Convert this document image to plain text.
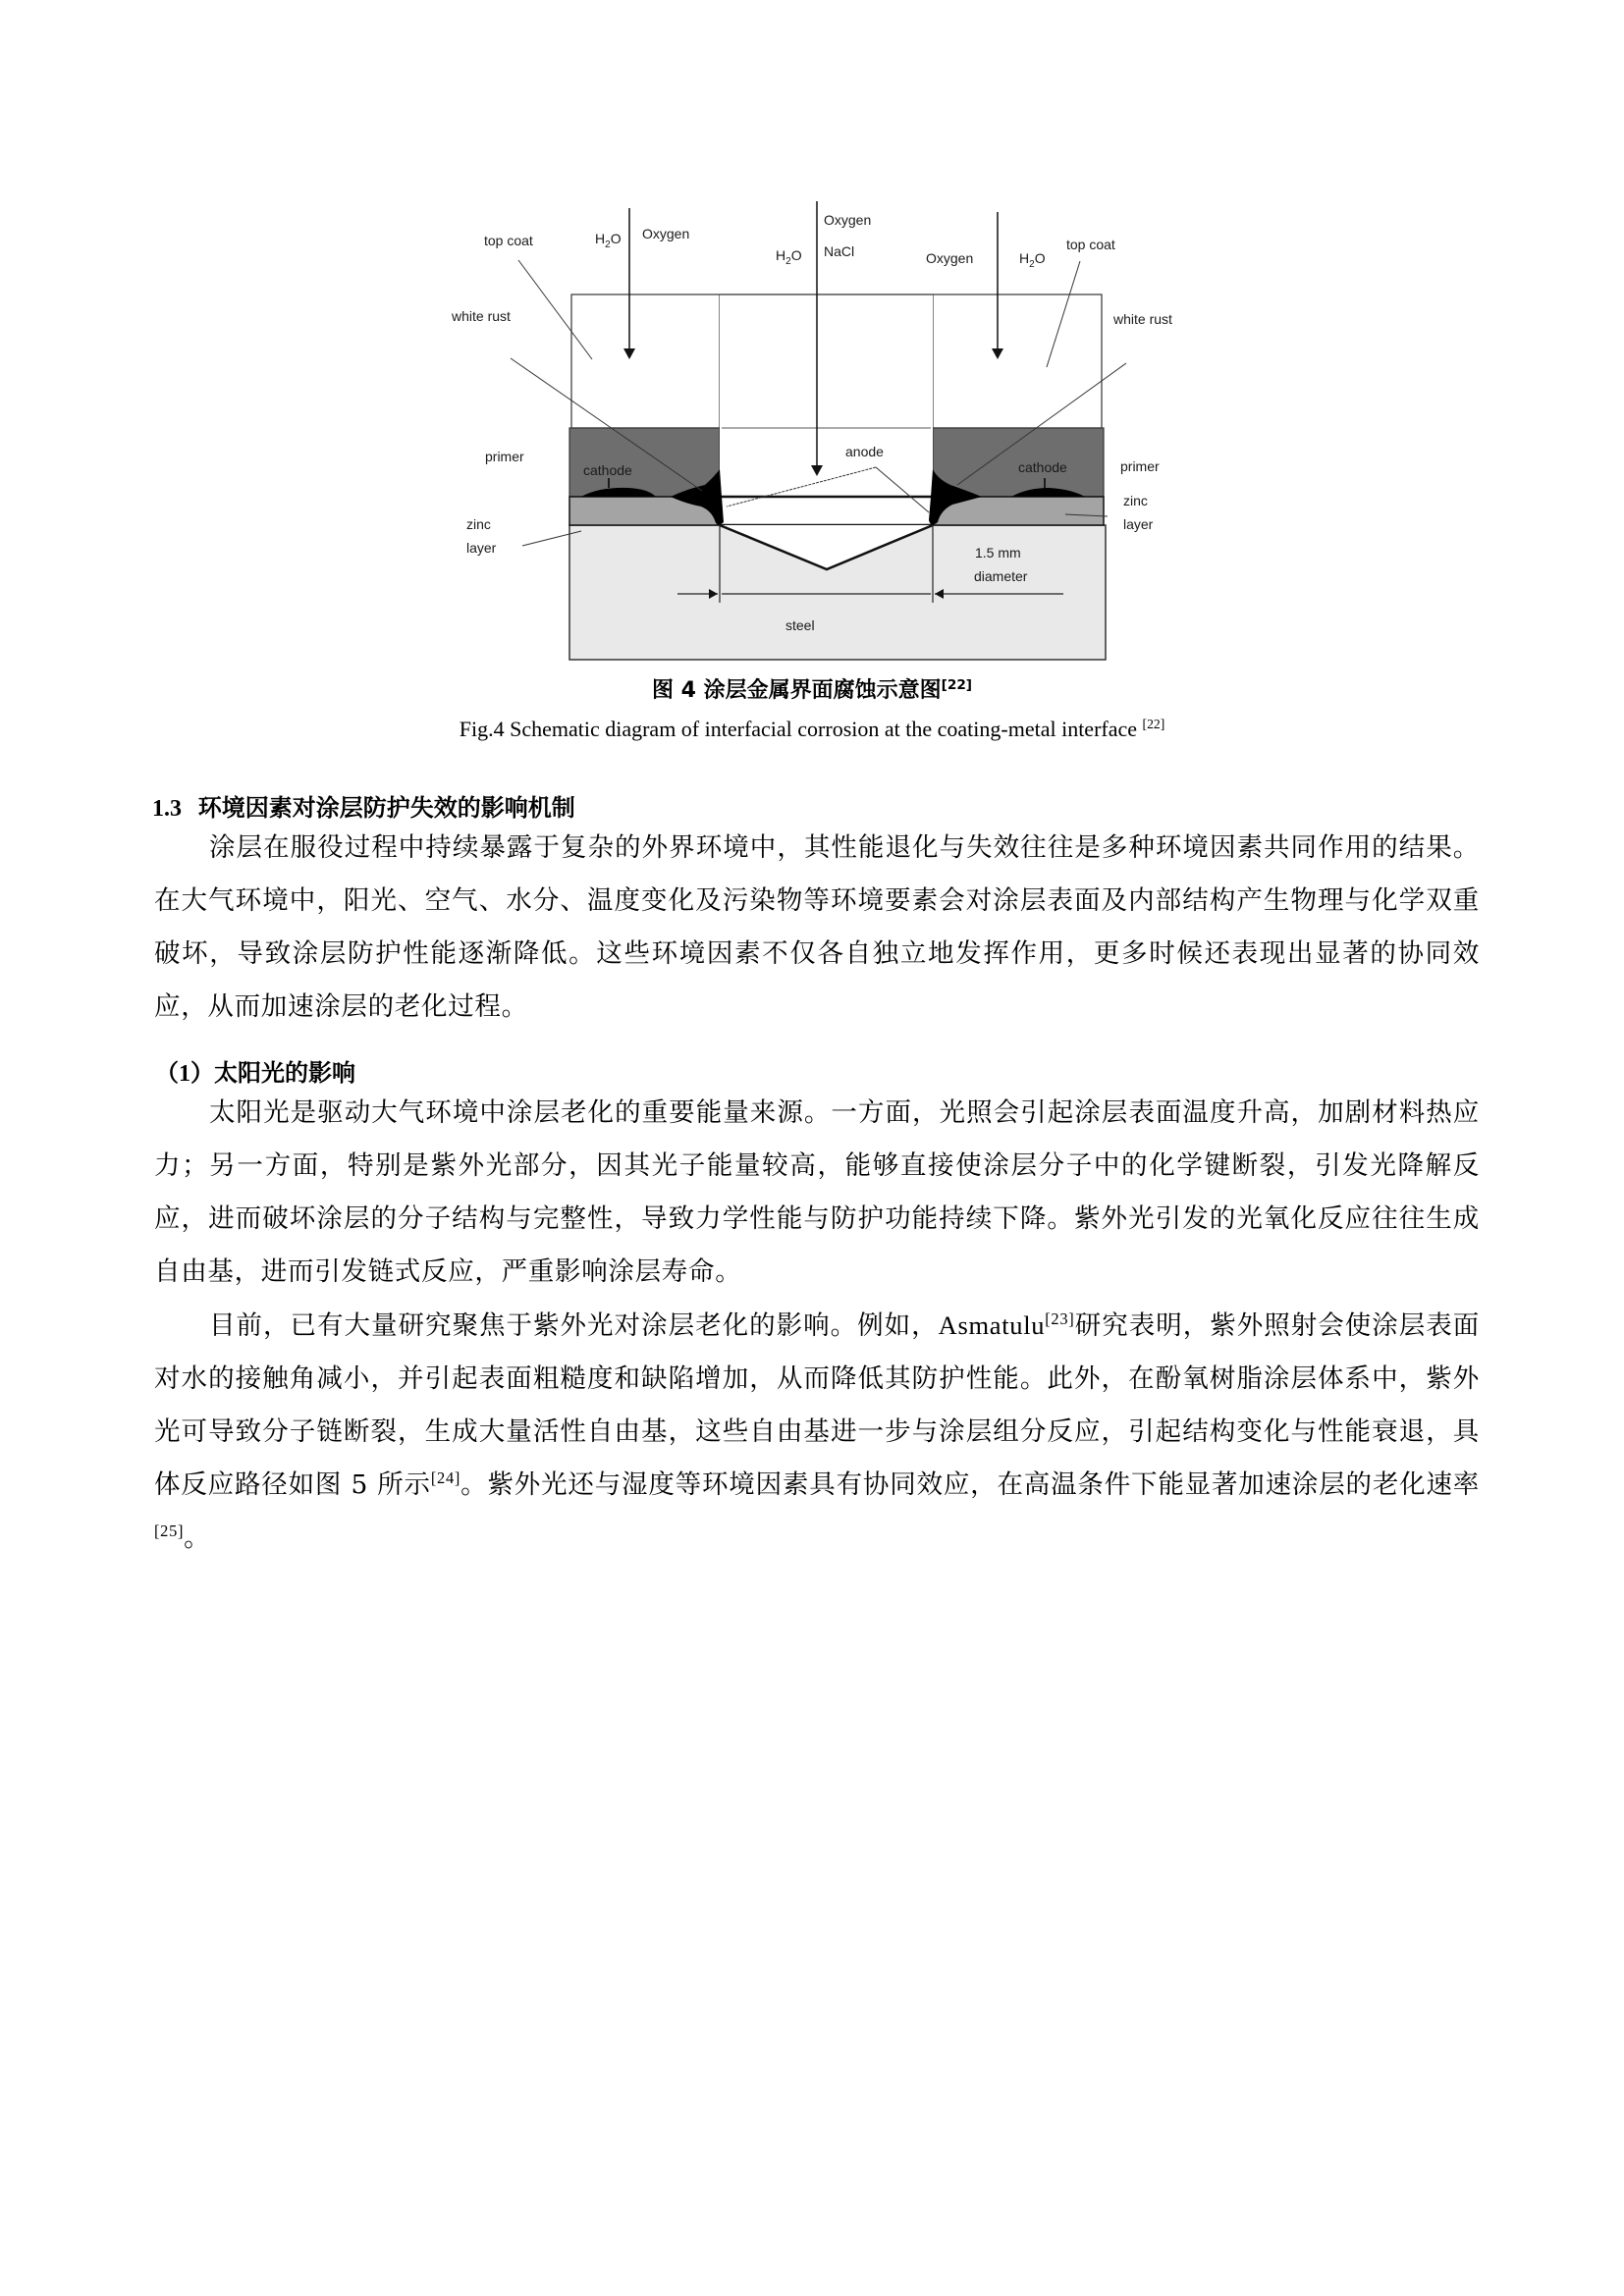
top coat	$H_2O$ Oxygen
Oxygen
$H_2O$ NaCl	Oxygen	$H_2O$
top coat
white rust	white rust
primer
primer
cathode	cathode
anode
zinc
layer
zinc
layer
1.5 mm
diameter
steel
图 4 涂层金属界面腐蚀示意图[22]
Fig.4 Schematic diagram of interfacial corrosion at the coating-metal interface [22]
1.3 环境因素对涂层防护失效的影响机制

涂层在服役过程中持续暴露于复杂的外界环境中，其性能退化与失效往往是多种环境因素共同作用的结果。在大气环境中，阳光、空气、水分、温度变化及污染物等环境要素会对涂层表面及内部结构产生物理与化学双重破坏，导致涂层防护性能逐渐降低。这些环境因素不仅各自独立地发挥作用，更多时候还表现出显著的协同效应，从而加速涂层的老化过程。

（1）太阳光的影响

太阳光是驱动大气环境中涂层老化的重要能量来源。一方面，光照会引起涂层表面温度升高，加剧材料热应力；另一方面，特别是紫外光部分，因其光子能量较高，能够直接使涂层分子中的化学键断裂，引发光降解反应，进而破坏涂层的分子结构与完整性，导致力学性能与防护功能持续下降。紫外光引发的光氧化反应往往生成自由基，进而引发链式反应，严重影响涂层寿命。

目前，已有大量研究聚焦于紫外光对涂层老化的影响。例如，Asmatulu[23]研究表明，紫外照射会使涂层表面对水的接触角减小，并引起表面粗糙度和缺陷增加，从而降低其防护性能。此外，在酚氧树脂涂层体系中，紫外光可导致分子链断裂，生成大量活性自由基，这些自由基进一步与涂层组分反应，引起结构变化与性能衰退，具体反应路径如图 5 所示[24]。紫外光还与湿度等环境因素具有协同效应，在高温条件下能显著加速涂层的老化速率[25]。
